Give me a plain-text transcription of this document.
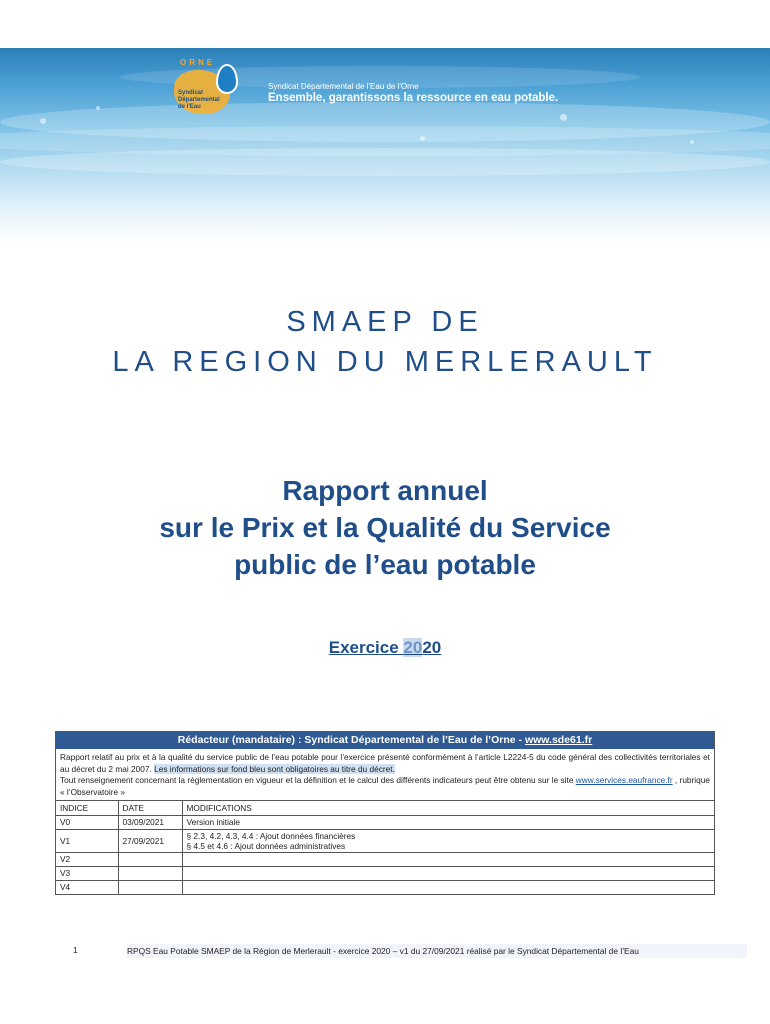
ORNE
Syndicat Départemental de l'Eau
Syndicat Départemental de l'Eau de l'Orne
Ensemble, garantissons la ressource en eau potable.
SMAEP DE
LA REGION DU MERLERAULT
Rapport annuel
sur le Prix et la Qualité du Service
public de l’eau potable
Exercice 2020
Rédacteur (mandataire) : Syndicat Départemental de l’Eau de l’Orne - www.sde61.fr
Rapport relatif au prix et à la qualité du service public de l’eau potable pour l’exercice présenté conformément à l’article L2224-5 du code général des collectivités territoriales et au décret du 2 mai 2007. Les informations sur fond bleu sont obligatoires au titre du décret.
Tout renseignement concernant la réglementation en vigueur et la définition et le calcul des différents indicateurs peut être obtenu sur le site www.services.eaufrance.fr , rubrique « l’Observatoire »
INDICE	DATE	MODIFICATIONS
V0	03/09/2021	Version initiale
V1	27/09/2021	§ 2.3, 4.2, 4.3, 4.4 : Ajout données financières
§ 4.5 et 4.6 : Ajout données administratives

V2		
V3		
V4		
1	RPQS Eau Potable SMAEP de la Région de Merlerault - exercice 2020 – v1 du 27/09/2021 réalisé par le Syndicat Départemental de l’Eau
